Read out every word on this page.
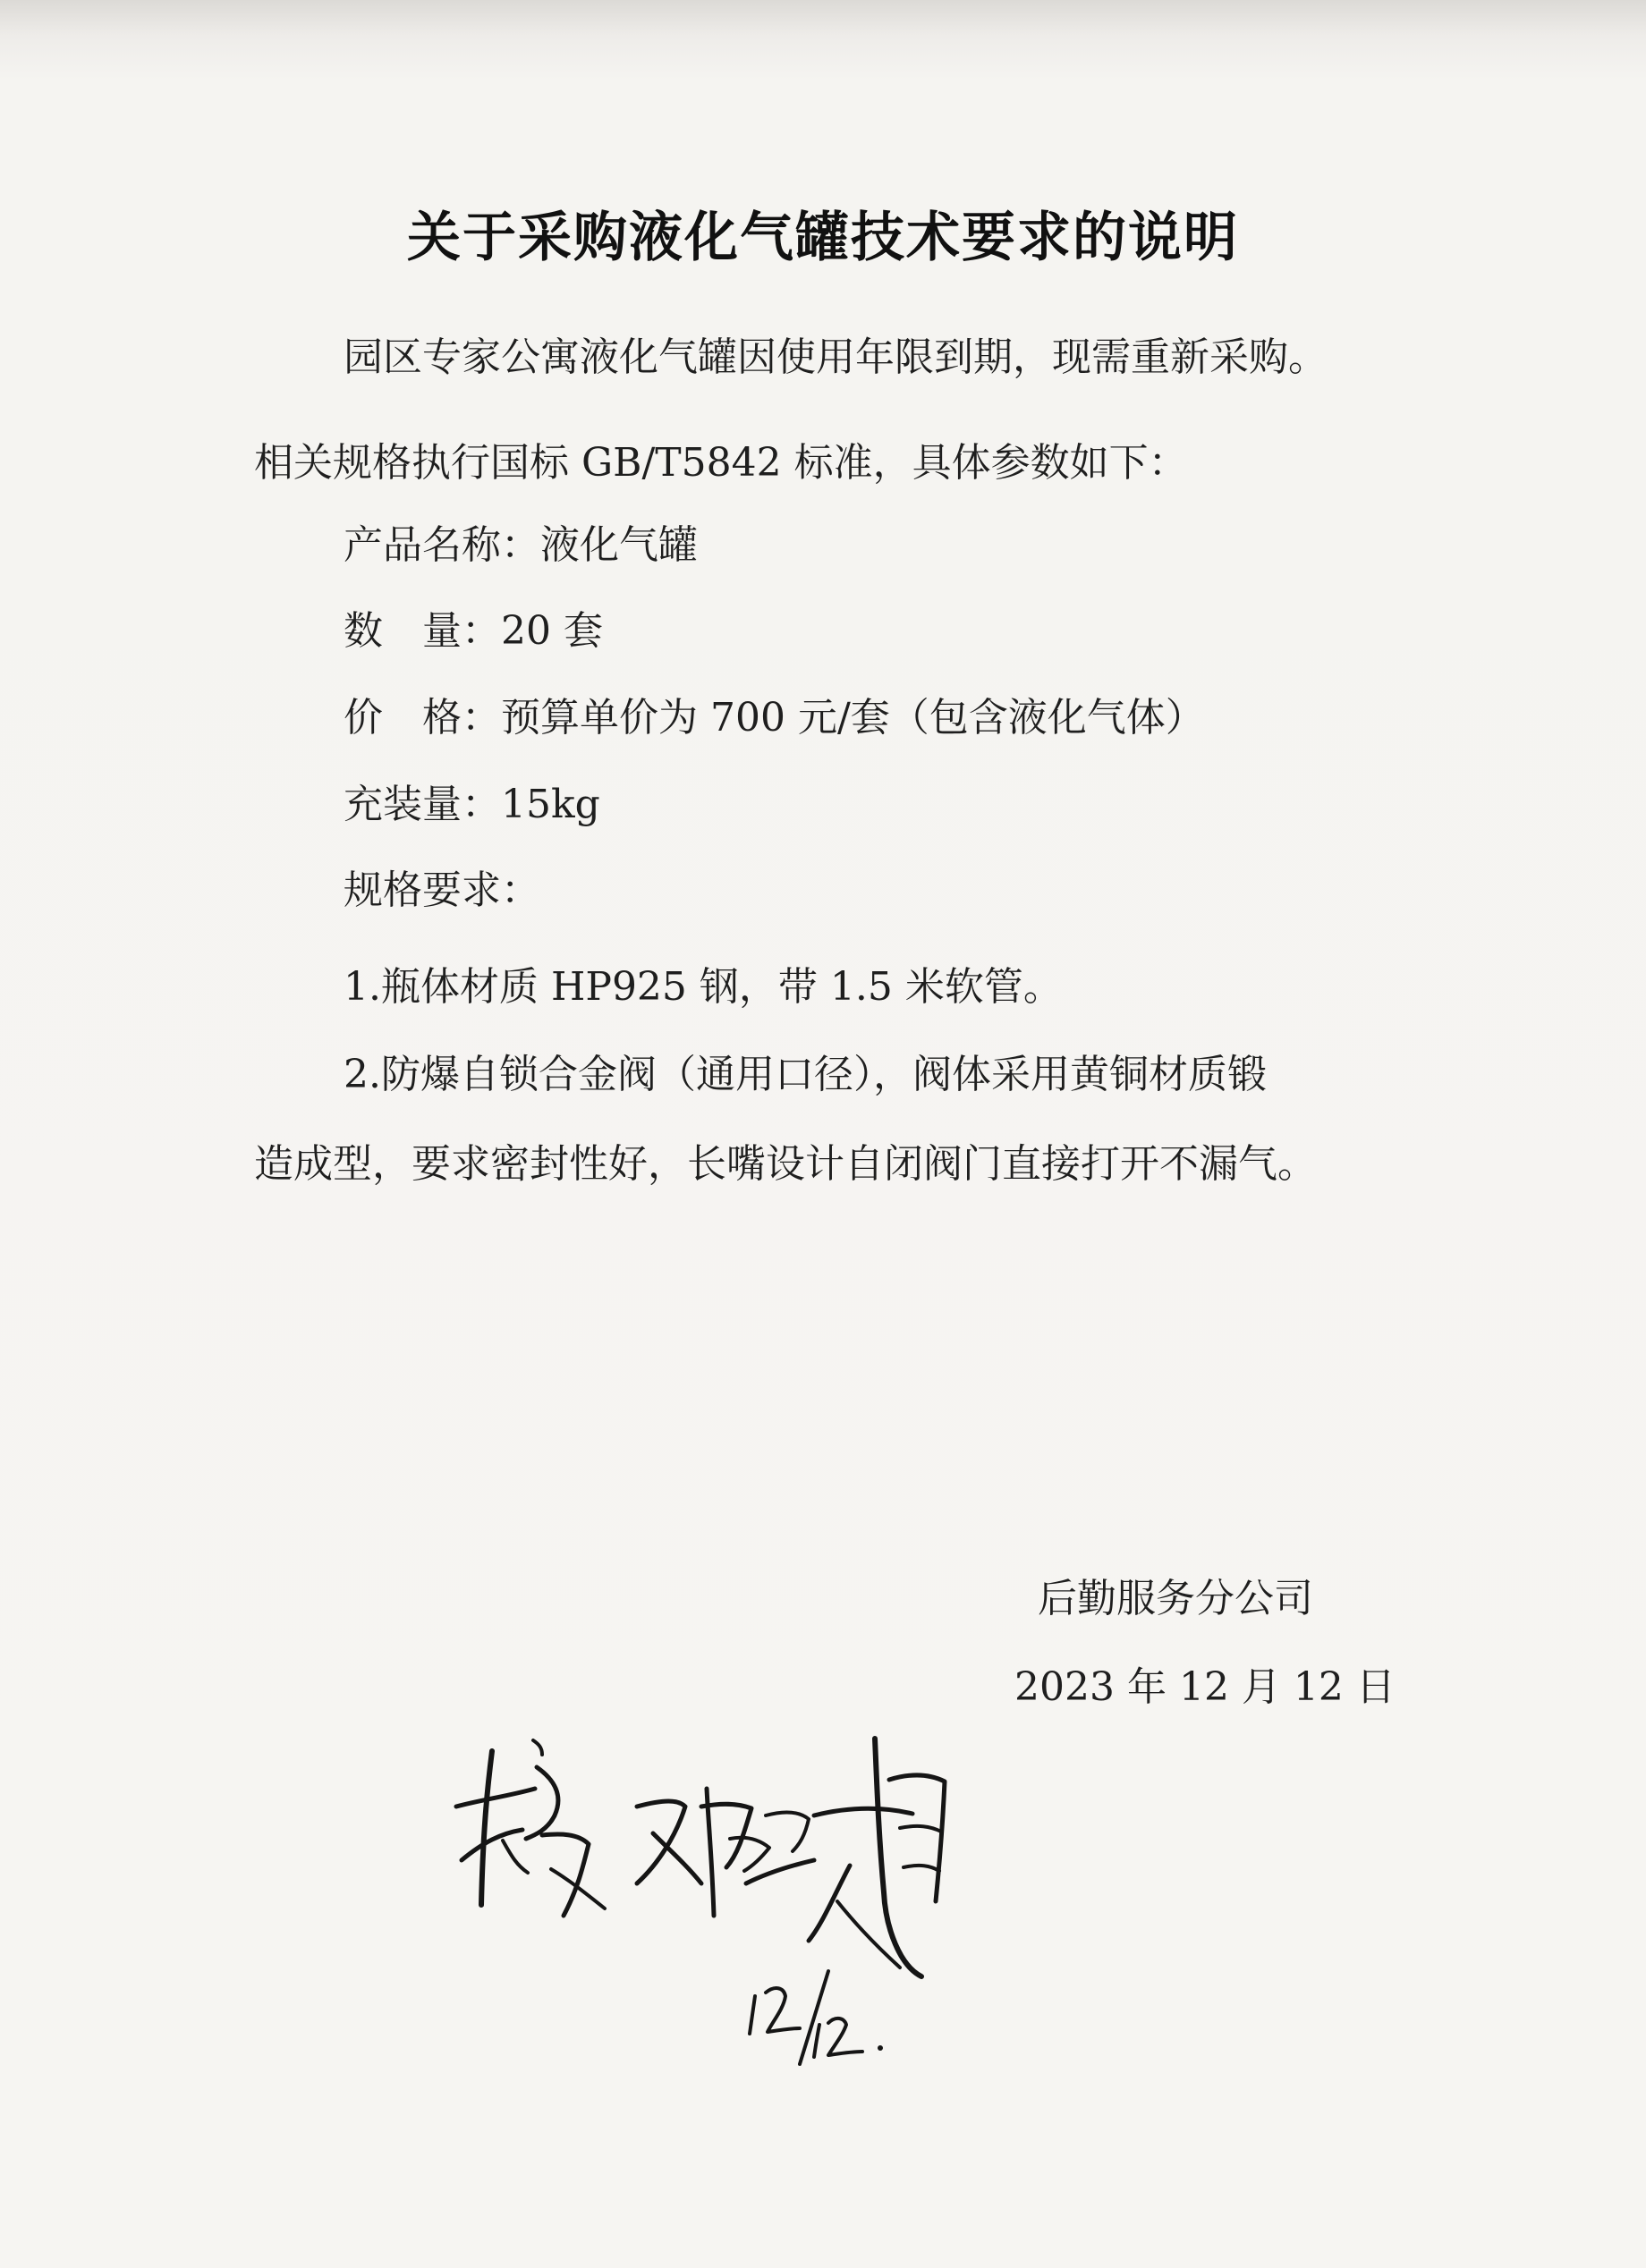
关于采购液化气罐技术要求的说明

园区专家公寓液化气罐因使用年限到期，现需重新采购。

相关规格执行国标 GB/T5842 标准，具体参数如下：

产品名称：液化气罐

数　量：20 套

价　格：预算单价为 700 元/套（包含液化气体）

充装量：15kg

规格要求：

1.瓶体材质 HP925 钢，带 1.5 米软管。

2.防爆自锁合金阀（通用口径），阀体采用黄铜材质锻

造成型，要求密封性好，长嘴设计自闭阀门直接打开不漏气。

后勤服务分公司

2023 年 12 月 12 日
